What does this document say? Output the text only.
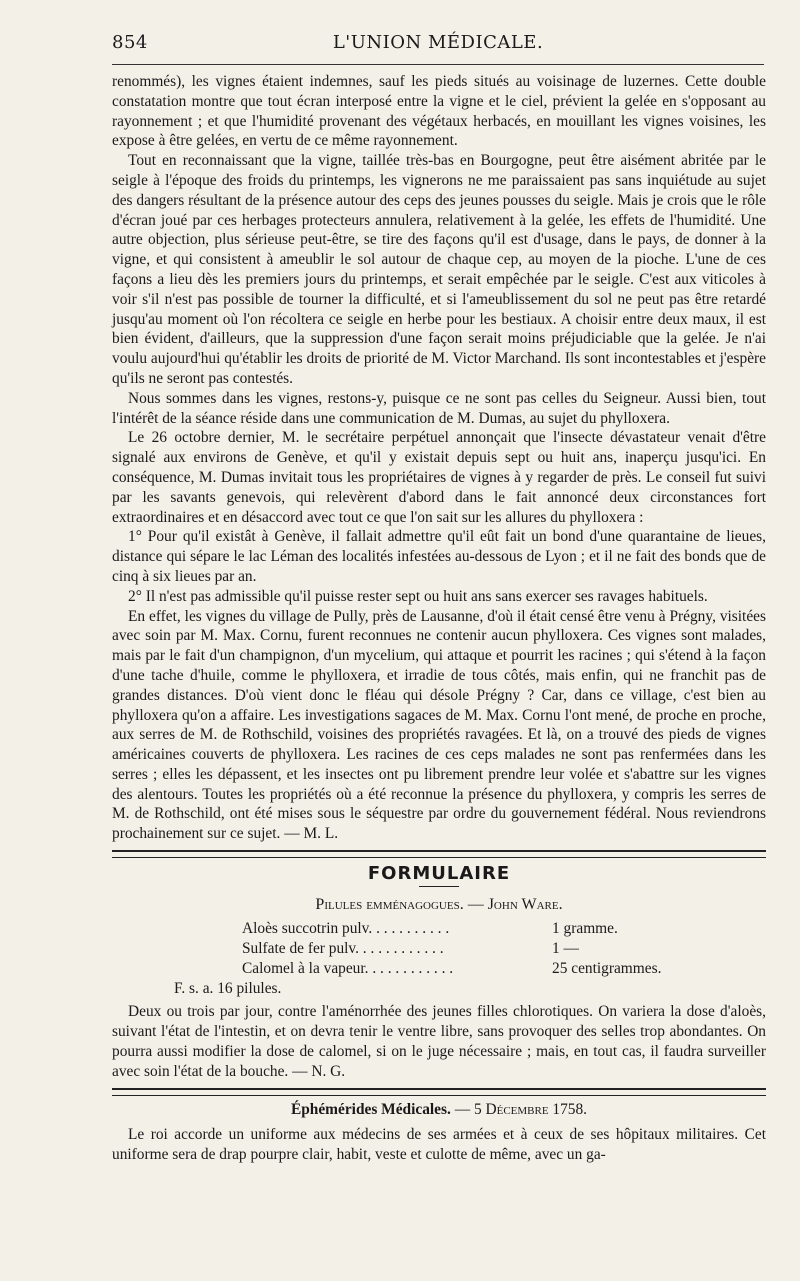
854	L'UNION MÉDICALE.

renommés), les vignes étaient indemnes, sauf les pieds situés au voisinage de luzernes. Cette double constatation montre que tout écran interposé entre la vigne et le ciel, prévient la gelée en s'opposant au rayonnement ; et que l'humidité provenant des végétaux herbacés, en mouillant les vignes voisines, les expose à être gelées, en vertu de ce même rayonnement.

Tout en reconnaissant que la vigne, taillée très-bas en Bourgogne, peut être aisément abritée par le seigle à l'époque des froids du printemps, les vignerons ne me paraissaient pas sans inquiétude au sujet des dangers résultant de la présence autour des ceps des jeunes pousses du seigle. Mais je crois que le rôle d'écran joué par ces herbages protecteurs annulera, relativement à la gelée, les effets de l'humidité. Une autre objection, plus sérieuse peut-être, se tire des façons qu'il est d'usage, dans le pays, de donner à la vigne, et qui consistent à ameublir le sol autour de chaque cep, au moyen de la pioche. L'une de ces façons a lieu dès les premiers jours du printemps, et serait empêchée par le seigle. C'est aux viticoles à voir s'il n'est pas possible de tourner la difficulté, et si l'ameublissement du sol ne peut pas être retardé jusqu'au moment où l'on récoltera ce seigle en herbe pour les bestiaux. A choisir entre deux maux, il est bien évident, d'ailleurs, que la suppression d'une façon serait moins préjudiciable que la gelée. Je n'ai voulu aujourd'hui qu'établir les droits de priorité de M. Victor Marchand. Ils sont incontestables et j'espère qu'ils ne seront pas contestés.

Nous sommes dans les vignes, restons-y, puisque ce ne sont pas celles du Seigneur. Aussi bien, tout l'intérêt de la séance réside dans une communication de M. Dumas, au sujet du phylloxera.

Le 26 octobre dernier, M. le secrétaire perpétuel annonçait que l'insecte dévastateur venait d'être signalé aux environs de Genève, et qu'il y existait depuis sept ou huit ans, inaperçu jusqu'ici. En conséquence, M. Dumas invitait tous les propriétaires de vignes à y regarder de près. Le conseil fut suivi par les savants genevois, qui relevèrent d'abord dans le fait annoncé deux circonstances fort extraordinaires et en désaccord avec tout ce que l'on sait sur les allures du phylloxera :

1° Pour qu'il existât à Genève, il fallait admettre qu'il eût fait un bond d'une quarantaine de lieues, distance qui sépare le lac Léman des localités infestées au-dessous de Lyon ; et il ne fait des bonds que de cinq à six lieues par an.

2° Il n'est pas admissible qu'il puisse rester sept ou huit ans sans exercer ses ravages habituels.

En effet, les vignes du village de Pully, près de Lausanne, d'où il était censé être venu à Prégny, visitées avec soin par M. Max. Cornu, furent reconnues ne contenir aucun phylloxera. Ces vignes sont malades, mais par le fait d'un champignon, d'un mycelium, qui attaque et pourrit les racines ; qui s'étend à la façon d'une tache d'huile, comme le phylloxera, et irradie de tous côtés, mais enfin, qui ne franchit pas de grandes distances. D'où vient donc le fléau qui désole Prégny ? Car, dans ce village, c'est bien au phylloxera qu'on a affaire. Les investigations sagaces de M. Max. Cornu l'ont mené, de proche en proche, aux serres de M. de Rothschild, voisines des propriétés ravagées. Et là, on a trouvé des pieds de vignes américaines couverts de phylloxera. Les racines de ces ceps malades ne sont pas renfermées dans les serres ; elles les dépassent, et les insectes ont pu librement prendre leur volée et s'abattre sur les vignes des alentours. Toutes les propriétés où a été reconnue la présence du phylloxera, y compris les serres de M. de Rothschild, ont été mises sous le séquestre par ordre du gouvernement fédéral. Nous reviendrons prochainement sur ce sujet. — M. L.

FORMULAIRE
Pilules emménagogues. — John Ware.
Aloès succotrin pulv. . . . . . . . . . .	1 gramme.
Sulfate de fer pulv. . . . . . . . . . . .	1 —
Calomel à la vapeur. . . . . . . . . . . .	25 centigrammes.
F. s. a. 16 pilules.

Deux ou trois par jour, contre l'aménorrhée des jeunes filles chlorotiques. On variera la dose d'aloès, suivant l'état de l'intestin, et on devra tenir le ventre libre, sans provoquer des selles trop abondantes. On pourra aussi modifier la dose de calomel, si on le juge nécessaire ; mais, en tout cas, il faudra surveiller avec soin l'état de la bouche. — N. G.

Éphémérides Médicales. — 5 Décembre 1758.

Le roi accorde un uniforme aux médecins de ses armées et à ceux de ses hôpitaux militaires. Cet uniforme sera de drap pourpre clair, habit, veste et culotte de même, avec un ga-
